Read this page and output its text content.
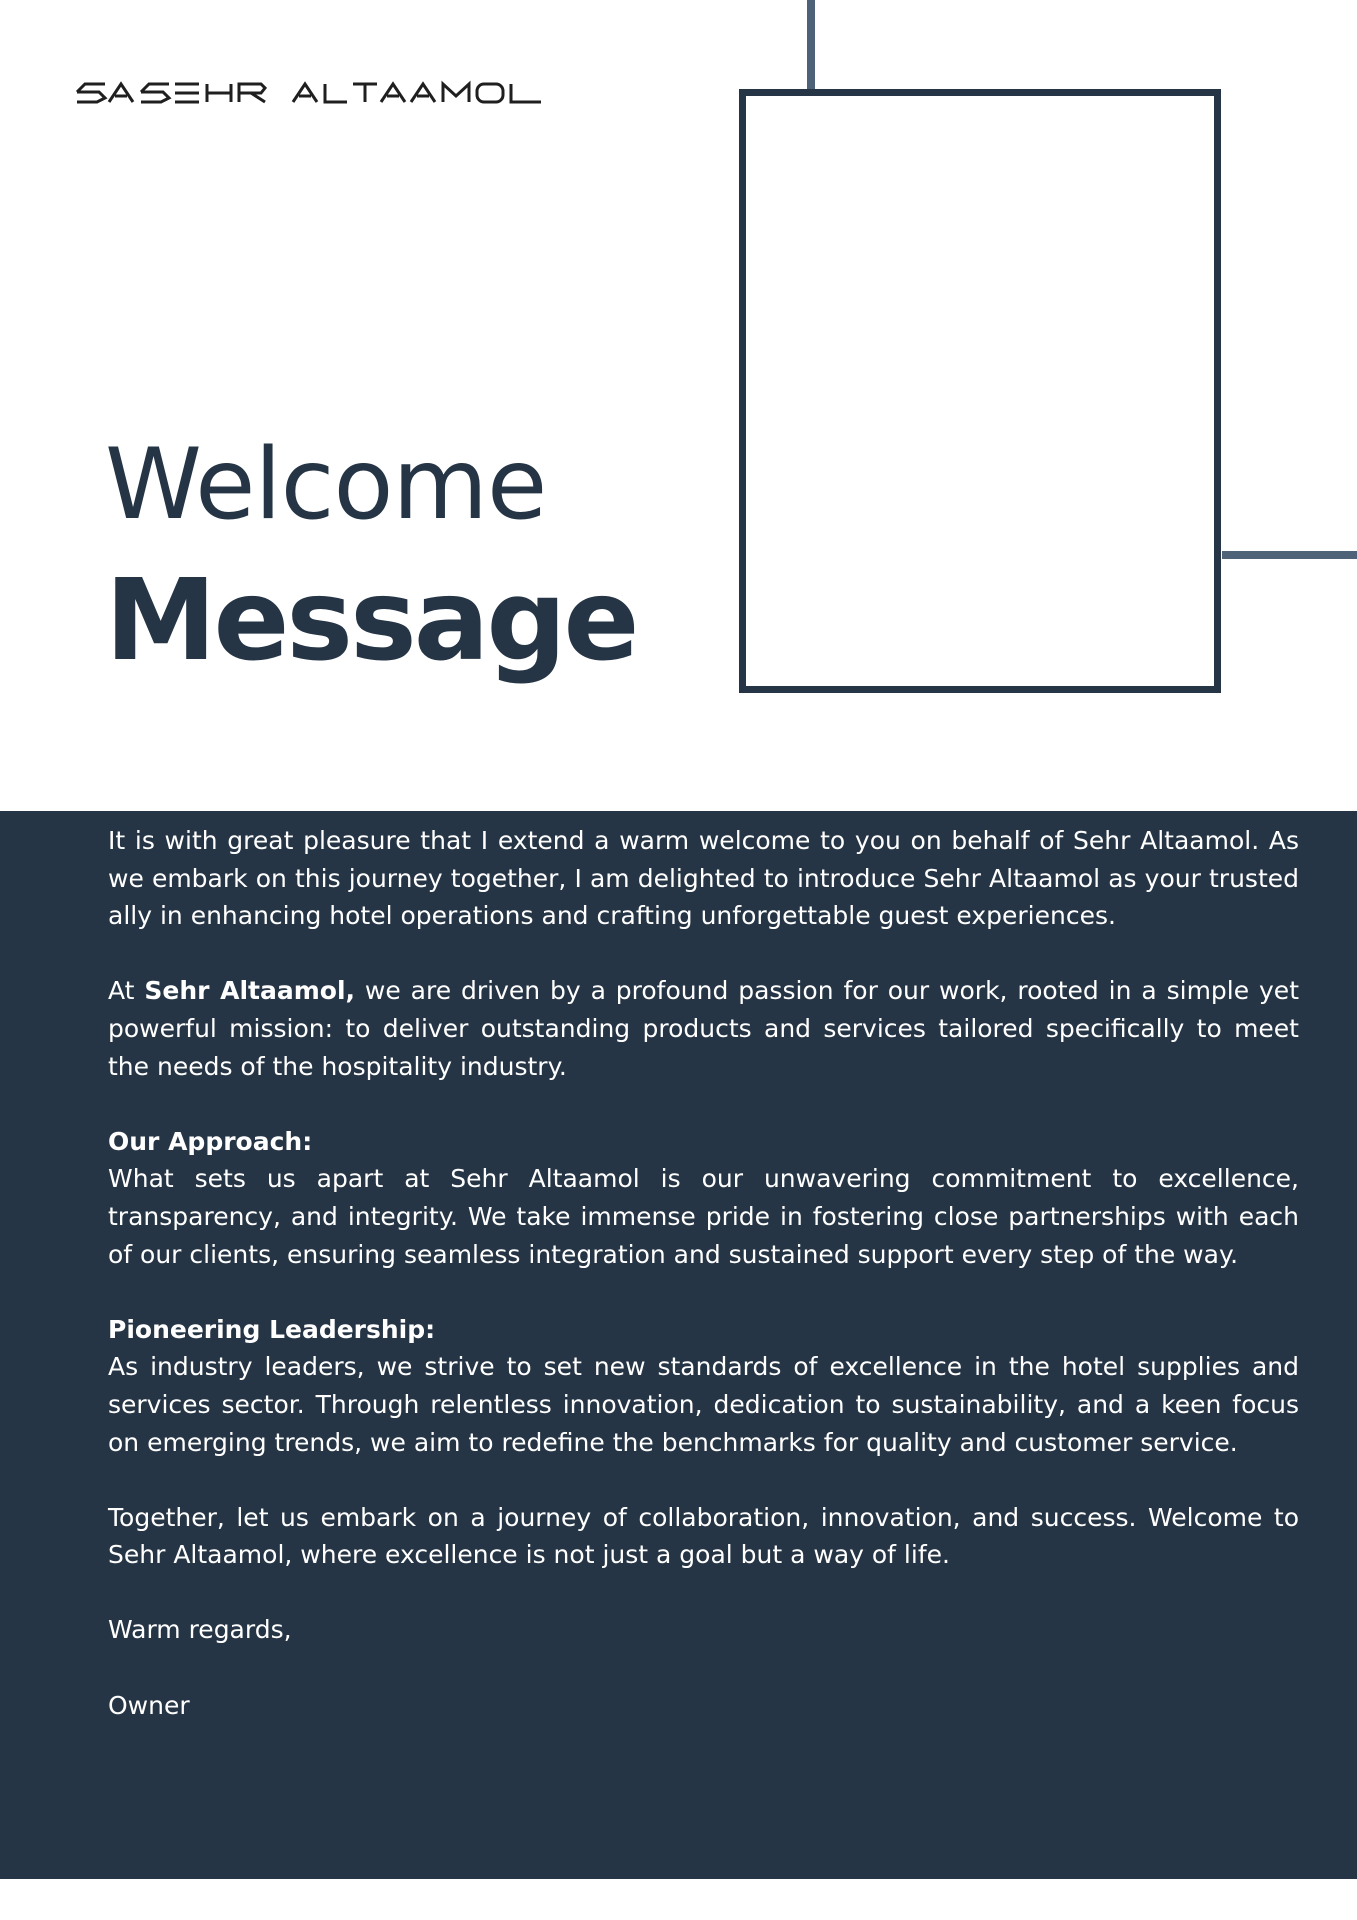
Welcome
Message

It is with great pleasure that I extend a warm welcome to you on behalf of Sehr Altaamol. As we embark on this journey together, I am delighted to introduce Sehr Altaamol as your trusted ally in enhancing hotel operations and crafting unforgettable guest experiences.

At Sehr Altaamol, we are driven by a profound passion for our work, rooted in a simple yet powerful mission: to deliver outstanding products and services tailored specifically to meet the needs of the hospitality industry.

Our Approach:
What sets us apart at Sehr Altaamol is our unwavering commitment to excellence, transparency, and integrity. We take immense pride in fostering close partnerships with each of our clients, ensuring seamless integration and sustained support every step of the way.

Pioneering Leadership:
As industry leaders, we strive to set new standards of excellence in the hotel supplies and services sector. Through relentless innovation, dedication to sustainability, and a keen focus on emerging trends, we aim to redefine the benchmarks for quality and customer service.

Together, let us embark on a journey of collaboration, innovation, and success. Welcome to Sehr Altaamol, where excellence is not just a goal but a way of life.

Warm regards,

Owner
